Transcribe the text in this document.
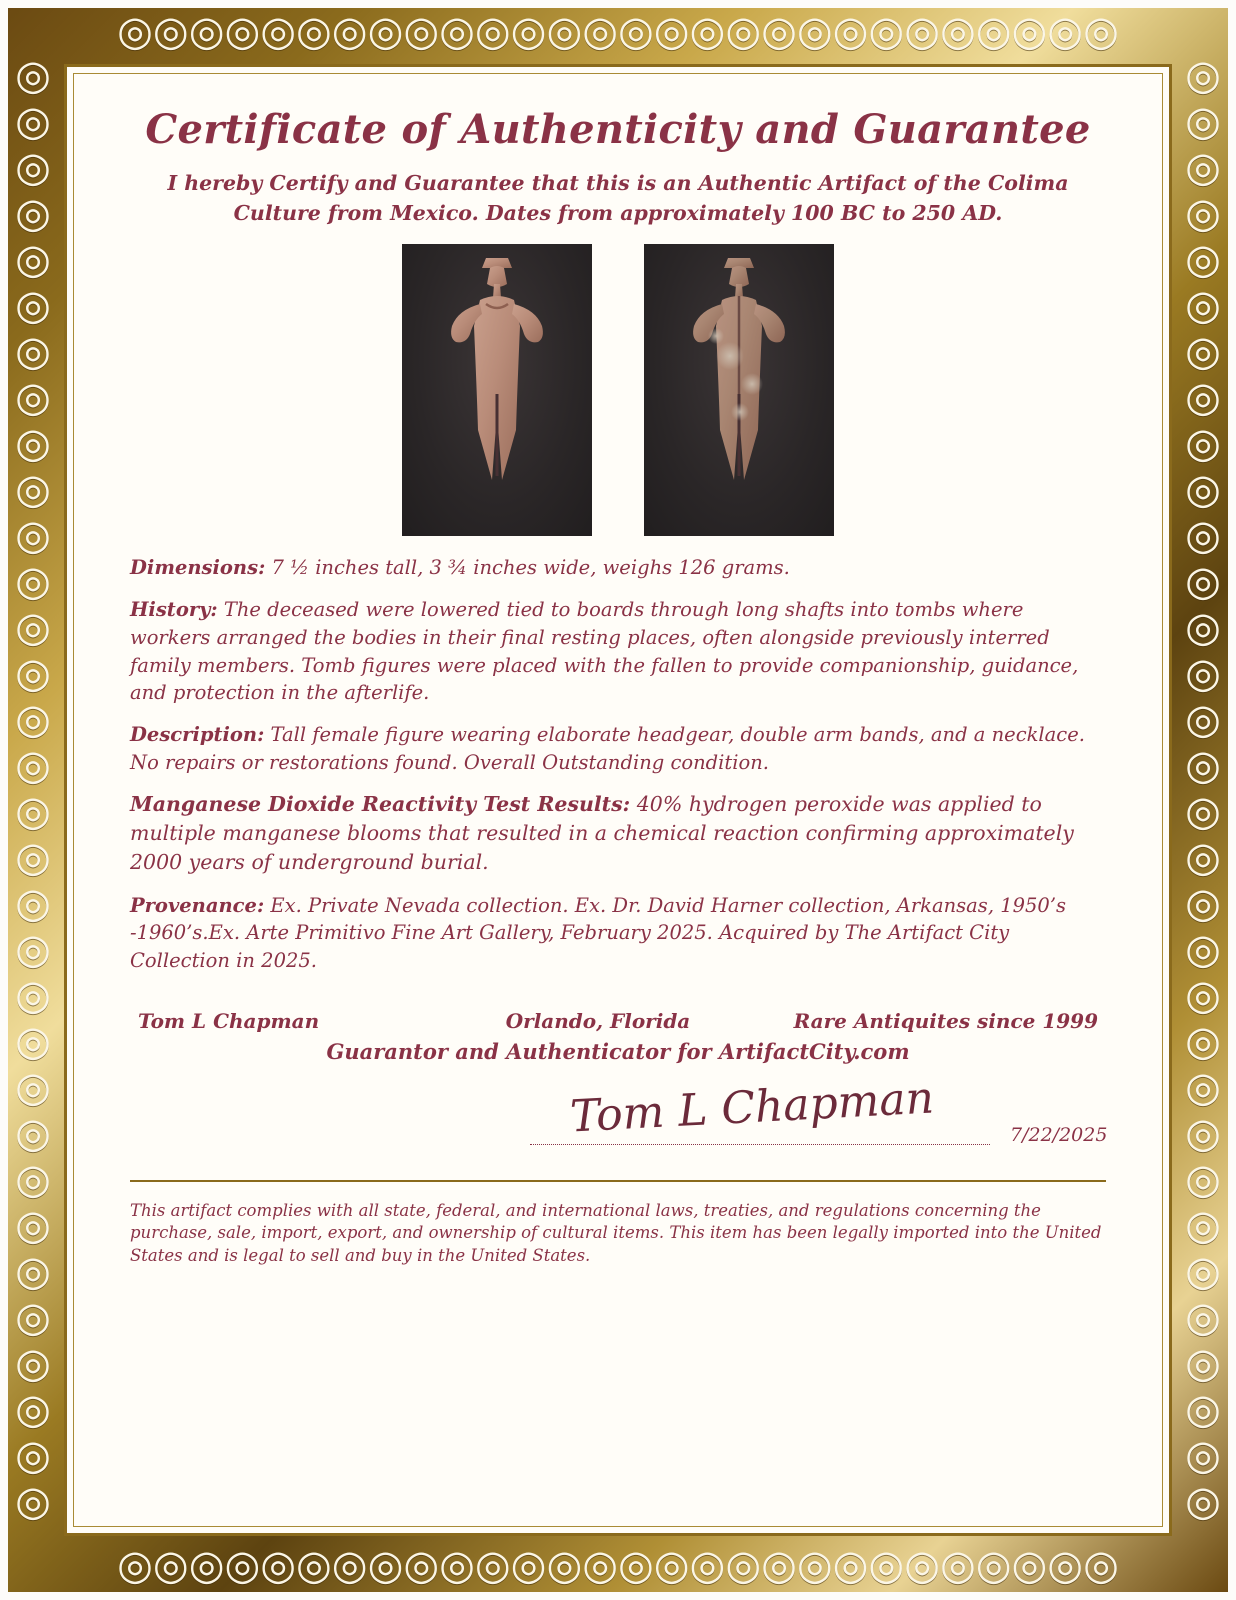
◎◎◎◎◎◎◎◎◎◎◎◎◎◎◎◎◎◎◎◎◎◎◎◎◎◎◎◎
◎◎◎◎◎◎◎◎◎◎◎◎◎◎◎◎◎◎◎◎◎◎◎◎◎◎◎◎
◎
◎
◎
◎
◎
◎
◎
◎
◎
◎
◎
◎
◎
◎
◎
◎
◎
◎
◎
◎
◎
◎
◎
◎
◎
◎
◎
◎
◎
◎
◎
◎
◎
◎
◎
◎
◎
◎
◎
◎
◎
◎
◎
◎
◎
◎
◎
◎
◎
◎
◎
◎
◎
◎
◎
◎
◎
◎
◎
◎
◎
◎
◎
◎
Certificate of Authenticity and Guarantee
I hereby Certify and Guarantee that this is an Authentic Artifact of the Colima Culture from Mexico. Dates from approximately 100 BC to 250 AD.

Dimensions: 7 ½ inches tall, 3 ¾ inches wide, weighs 126 grams.

History: The deceased were lowered tied to boards through long shafts into tombs where workers arranged the bodies in their final resting places, often alongside previously interred family members. Tomb figures were placed with the fallen to provide companionship, guidance, and protection in the afterlife.

Description: Tall female figure wearing elaborate headgear, double arm bands, and a necklace. No repairs or restorations found. Overall Outstanding condition.

Manganese Dioxide Reactivity Test Results: 40% hydrogen peroxide was applied to multiple manganese blooms that resulted in a chemical reaction confirming approximately 2000 years of underground burial.

Provenance: Ex. Private Nevada collection. Ex. Dr. David Harner collection, Arkansas, 1950’s -1960’s.Ex. Arte Primitivo Fine Art Gallery, February 2025. Acquired by The Artifact City Collection in 2025.

Tom L Chapman	Orlando, Florida	Rare Antiquites since 1999
Guarantor and Authenticator for ArtifactCity.com
Tom L Chapman	7/22/2025
This artifact complies with all state, federal, and international laws, treaties, and regulations concerning the purchase, sale, import, export, and ownership of cultural items. This item has been legally imported into the United States and is legal to sell and buy in the United States.
